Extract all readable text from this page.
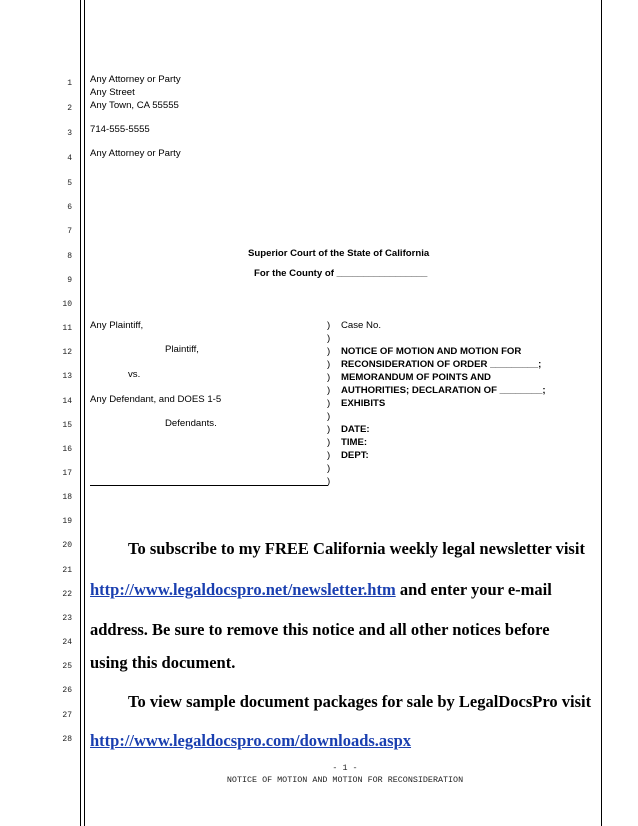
1
2
3
4
5
6
7
8
9
10
11
12
13
14
15
16
17
18
19
20
21
22
23
24
25
26
27
28
Any Attorney or Party
Any Street
Any Town, CA 55555
714-555-5555
Any Attorney or Party
Superior Court of the State of California
For the County of _________________
Any Plaintiff,
Plaintiff,
vs.
Any Defendant, and DOES 1-5
Defendants.
)
)
)
)
)
)
)
)
)
)
)
)
)
Case No.
NOTICE OF MOTION AND MOTION FOR
RECONSIDERATION OF ORDER _________;
MEMORANDUM OF POINTS AND
AUTHORITIES; DECLARATION OF ________;
EXHIBITS
DATE:
TIME:
DEPT:
To subscribe to my FREE California weekly legal newsletter visit
http://www.legaldocspro.net/newsletter.htm and enter your e-mail
address. Be sure to remove this notice and all other notices before
using this document.
To view sample document packages for sale by LegalDocsPro visit
http://www.legaldocspro.com/downloads.aspx
- 1 -
NOTICE OF MOTION AND MOTION FOR RECONSIDERATION
